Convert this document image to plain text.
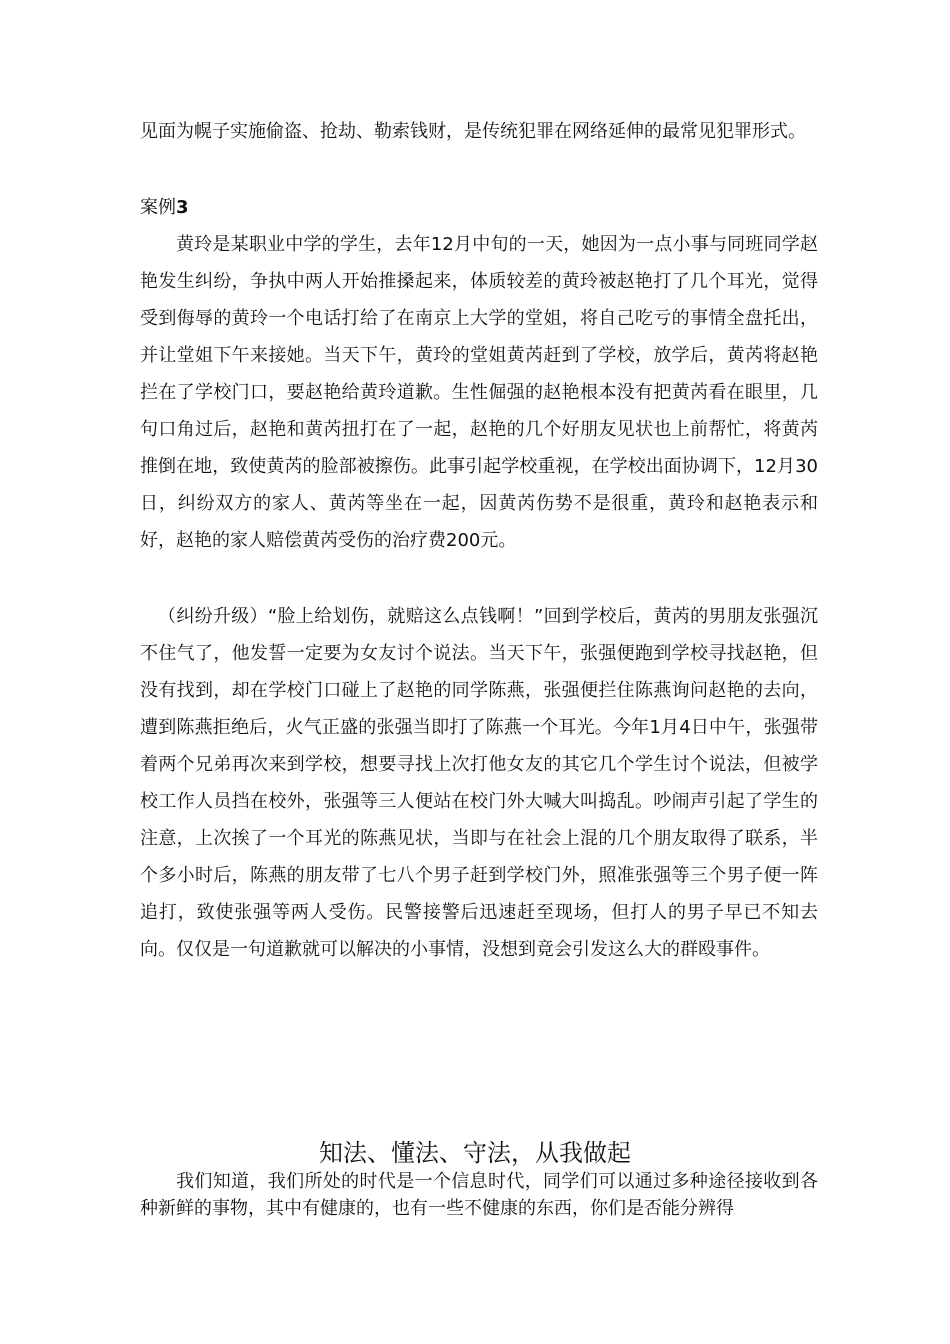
见面为幌子实施偷盗、抢劫、勒索钱财，是传统犯罪在网络延伸的最常见犯罪形式。

案例3

黄玲是某职业中学的学生，去年12月中旬的一天，她因为一点小事与同班同学赵艳发生纠纷，争执中两人开始推搡起来，体质较差的黄玲被赵艳打了几个耳光，觉得受到侮辱的黄玲一个电话打给了在南京上大学的堂姐，将自己吃亏的事情全盘托出，并让堂姐下午来接她。当天下午，黄玲的堂姐黄芮赶到了学校，放学后，黄芮将赵艳拦在了学校门口，要赵艳给黄玲道歉。生性倔强的赵艳根本没有把黄芮看在眼里，几句口角过后，赵艳和黄芮扭打在了一起，赵艳的几个好朋友见状也上前帮忙，将黄芮推倒在地，致使黄芮的脸部被擦伤。此事引起学校重视，在学校出面协调下，12月30日，纠纷双方的家人、黄芮等坐在一起，因黄芮伤势不是很重，黄玲和赵艳表示和好，赵艳的家人赔偿黄芮受伤的治疗费200元。

（纠纷升级）“脸上给划伤，就赔这么点钱啊！”回到学校后，黄芮的男朋友张强沉不住气了，他发誓一定要为女友讨个说法。当天下午，张强便跑到学校寻找赵艳，但没有找到，却在学校门口碰上了赵艳的同学陈燕，张强便拦住陈燕询问赵艳的去向，遭到陈燕拒绝后，火气正盛的张强当即打了陈燕一个耳光。今年1月4日中午，张强带着两个兄弟再次来到学校，想要寻找上次打他女友的其它几个学生讨个说法，但被学校工作人员挡在校外，张强等三人便站在校门外大喊大叫捣乱。吵闹声引起了学生的注意，上次挨了一个耳光的陈燕见状，当即与在社会上混的几个朋友取得了联系，半个多小时后，陈燕的朋友带了七八个男子赶到学校门外，照准张强等三个男子便一阵追打，致使张强等两人受伤。民警接警后迅速赶至现场，但打人的男子早已不知去向。仅仅是一句道歉就可以解决的小事情，没想到竟会引发这么大的群殴事件。

知法、懂法、守法，从我做起

我们知道，我们所处的时代是一个信息时代，同学们可以通过多种途径接收到各种新鲜的事物，其中有健康的，也有一些不健康的东西，你们是否能分辨得
